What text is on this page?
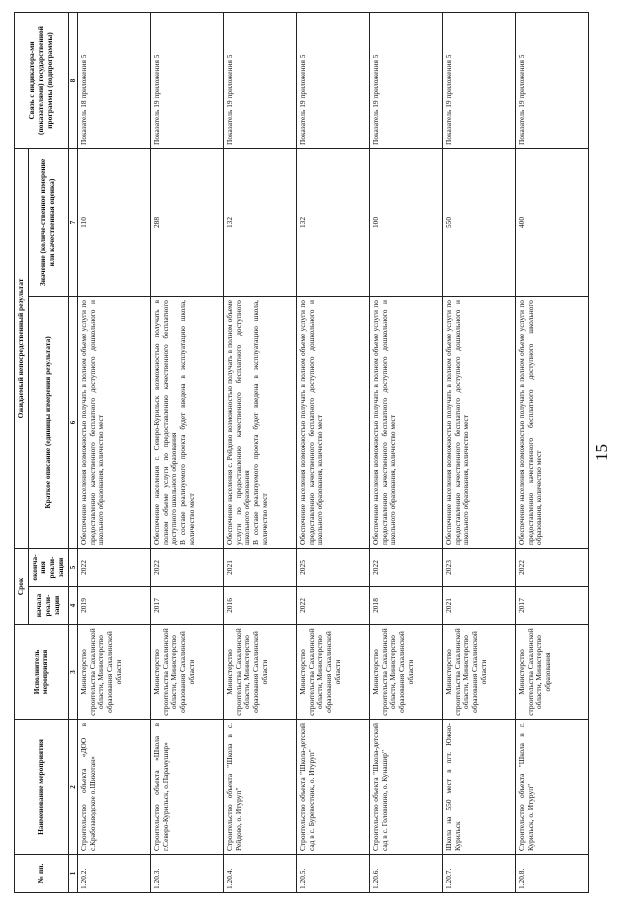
№ пп.	Наименование мероприятия	Исполнитель мероприятия	Срок		Ожидаемый непосредственный результат		Связь с индикатора-ми (показателями) государственной программы (подпрограммы)
			начала реали-зации	оконча-ния реали-зации	Краткое описание (единицы измерения результата)	Значение (количе-ственное измерение или качественная оценка)	

1	2	3	4	5	6	7	8
1.20.2.	Строительство объекта «ДОО в с.Крабозаводское о.Шикотан»	Министерство строительства Сахалинской области, Министерство образования Сахалинской области	2019	2022	Обеспечение населения возможностью получать в полном объеме услуги по предоставлению качественного бесплатного доступного дошкольного и школьного образования, количество мест	110	Показатель 18 приложения 5
1.20.3.	Строительство объекта «Школа в г.Северо-Курильск, о.Парамушир»	Министерство строительства Сахалинской области, Министерство образования Сахалинской области	2017	2022	Обеспечение населения г. Северо-Курильск возможностью получать в полном объеме услуги по предоставлению качественного бесплатного доступного школьного образования
В составе реализуемого проекта будет введена в эксплуатацию школа, количество мест	288	Показатель 19 приложения 5
1.20.4.	Строительство объекта "Школа в с. Рейдово, о. Итуруп"	Министерство строительства Сахалинской области, Министерство образования Сахалинской области	2016	2021	Обеспечение населения с. Рейдово возможностью получать в полном объеме услуги по предоставлению качественного бесплатного доступного школьного образования
В составе реализуемого проекта будет введена в эксплуатацию школа, количество мест	132	Показатель 19 приложения 5
1.20.5.	Строительство объекта "Школа-детский сад в с. Буревестник, о. Итуруп"	Министерство строительства Сахалинской области, Министерство образования Сахалинской области	2022	2025	Обеспечение населения возможностью получать в полном объеме услуги по предоставлению качественного бесплатного доступного дошкольного и школьного образования, количество мест	132	Показатель 19 приложения 5
1.20.6.	Строительство объекта "Школа-детский сад в с. Головнино, о. Кунашир"	Министерство строительства Сахалинской области, Министерство образования Сахалинской области	2018	2022	Обеспечение населения возможностью получать в полном объеме услуги по предоставлению качественного бесплатного доступного дошкольного и школьного образования, количество мест	100	Показатель 19 приложения 5
1.20.7.	Школа на 550 мест в пгт. Южно-Курильск	Министерство строительства Сахалинской области, Министерство образования Сахалинской области	2021	2023	Обеспечение населения возможностью получать в полном объеме услуги по предоставлению качественного бесплатного доступного дошкольного и школьного образования, количество мест	550	Показатель 19 приложения 5
1.20.8.	Строительство объекта "Школа в г. Курильск, о. Итуруп"	Министерство строительства Сахалинской области, Министерство образования	2017	2022	Обеспечение населения возможностью получать в полном объеме услуги по предоставлению качественного бесплатного доступного школьного образования, количество мест	400	Показатель 19 приложения 5
15
